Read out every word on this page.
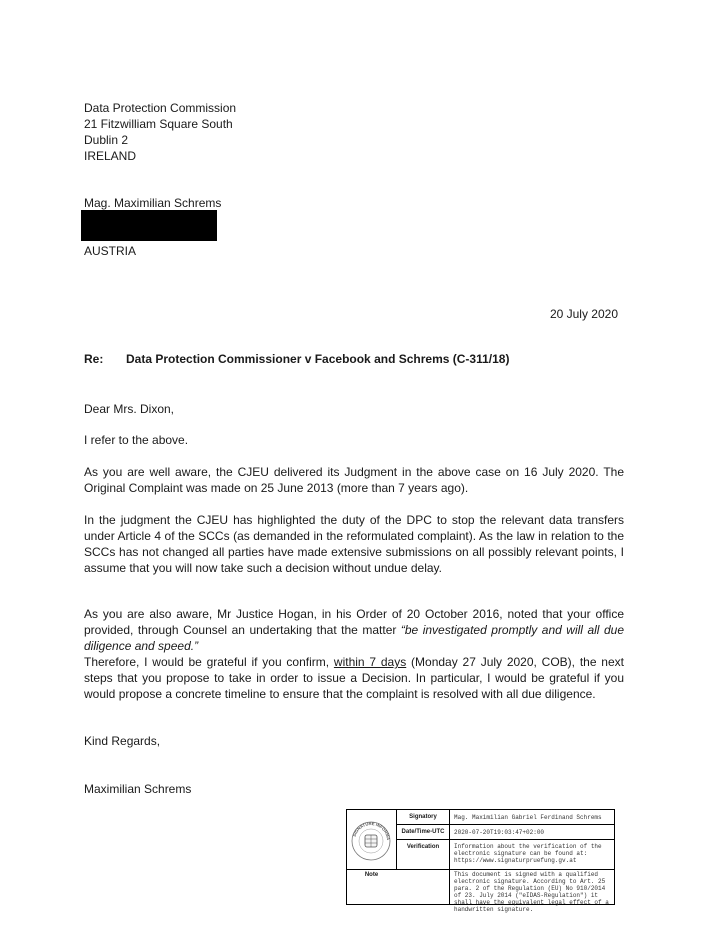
Data Protection Commission
21 Fitzwilliam Square South
Dublin 2
IRELAND
Mag. Maximilian Schrems
AUSTRIA
20 July 2020
Re: Data Protection Commissioner v Facebook and Schrems (C-311/18)
Dear Mrs. Dixon,
I refer to the above.
As you are well aware, the CJEU delivered its Judgment in the above case on 16 July 2020. The Original Complaint was made on 25 June 2013 (more than 7 years ago).
In the judgment the CJEU has highlighted the duty of the DPC to stop the relevant data transfers under Article 4 of the SCCs (as demanded in the reformulated complaint). As the law in relation to the SCCs has not changed all parties have made extensive submissions on all possibly relevant points, I assume that you will now take such a decision without undue delay.
As you are also aware, Mr Justice Hogan, in his Order of 20 October 2016, noted that your office provided, through Counsel an undertaking that the matter “be investigated promptly and will all due diligence and speed.”
Therefore, I would be grateful if you confirm, within 7 days (Monday 27 July 2020, COB), the next steps that you propose to take in order to issue a Decision. In particular, I would be grateful if you would propose a concrete timeline to ensure that the complaint is resolved with all due diligence.
Kind Regards,
Maximilian Schrems
SIGNATURE INFORMA
Signatory	Mag. Maximilian Gabriel Ferdinand Schrems
Date/Time-UTC	2020-07-20T19:03:47+02:00
Verification	Information about the verification of the electronic signature can be found at: https://www.signaturpruefung.gv.at
Note	This document is signed with a qualified electronic signature. According to Art. 25 para. 2 of the Regulation (EU) No 910/2014 of 23. July 2014 ("eIDAS-Regulation") it shall have the equivalent legal effect of a handwritten signature.
